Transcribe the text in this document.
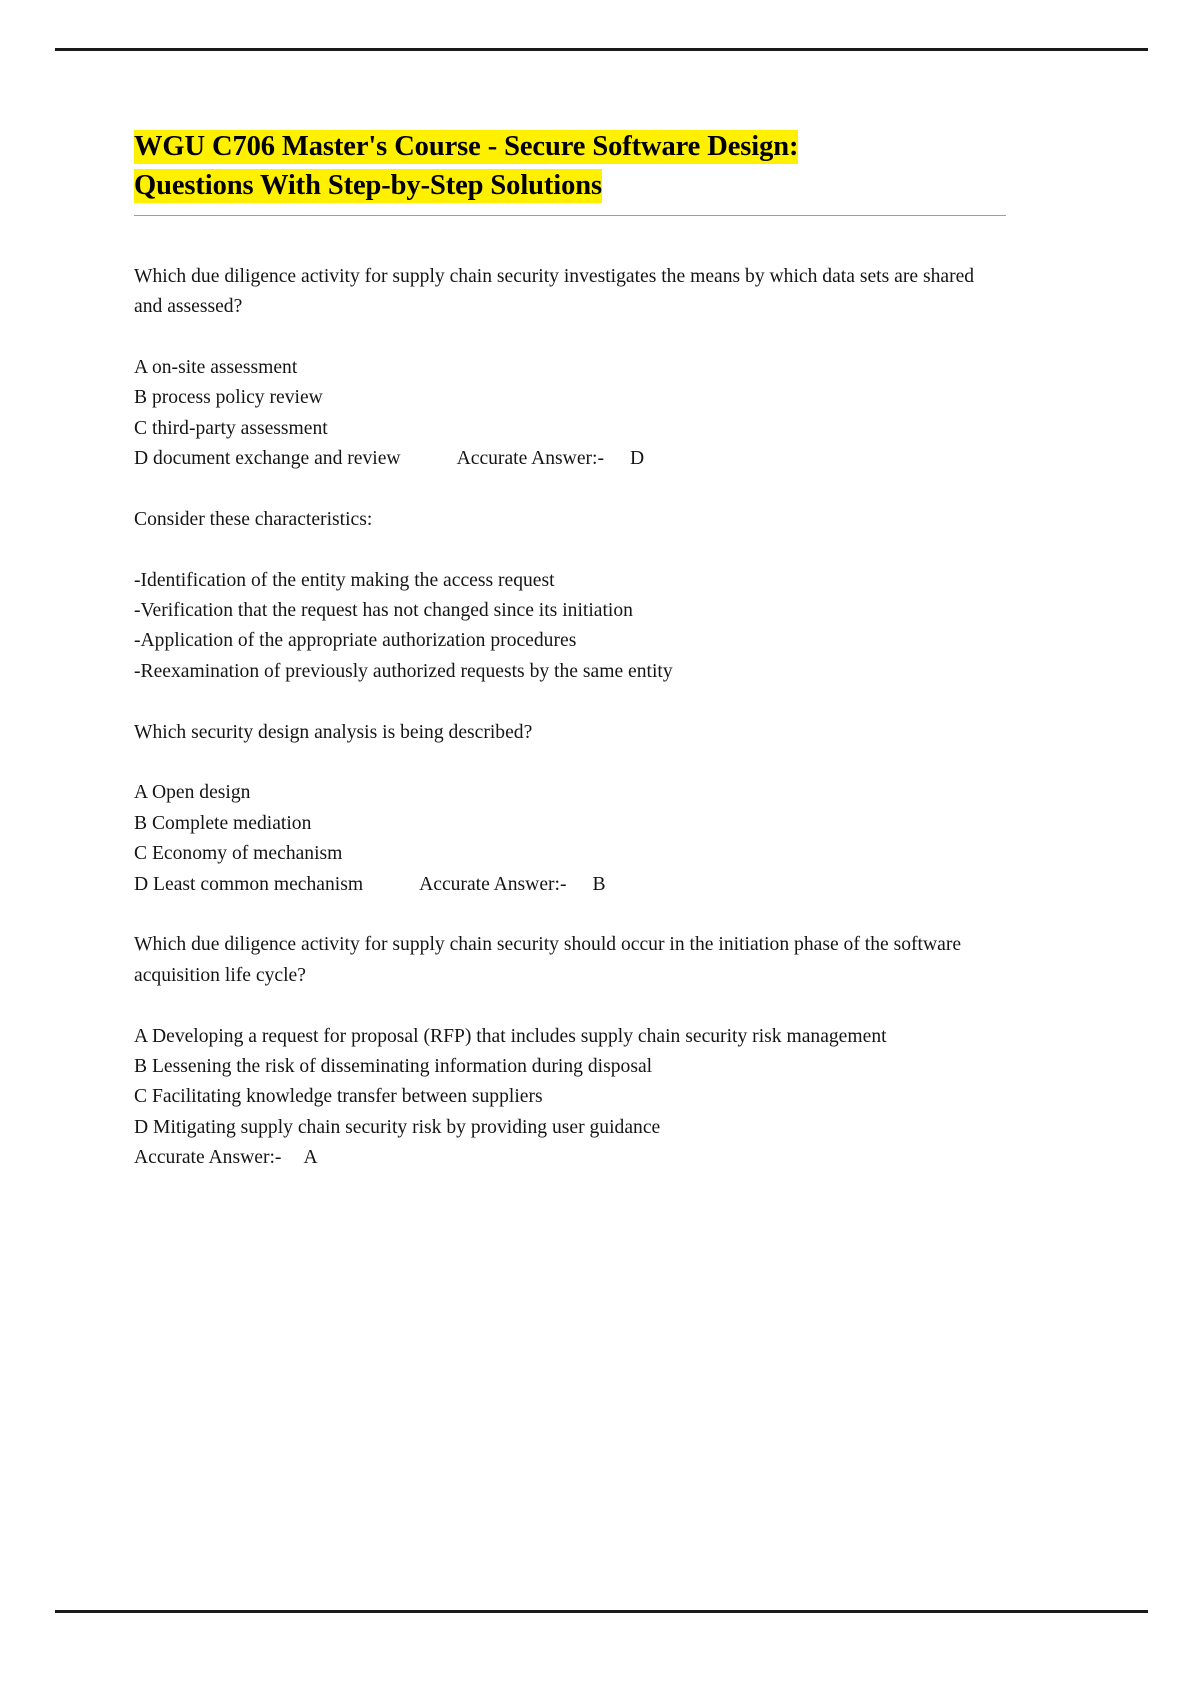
WGU C706 Master's Course - Secure Software Design:
Questions With Step-by-Step Solutions

Which due diligence activity for supply chain security investigates the means by which data sets are shared and assessed?

A on-site assessment

B process policy review

C third-party assessment

D document exchange and review	Accurate Answer:- D

Consider these characteristics:

-Identification of the entity making the access request

-Verification that the request has not changed since its initiation

-Application of the appropriate authorization procedures

-Reexamination of previously authorized requests by the same entity

Which security design analysis is being described?

A Open design

B Complete mediation

C Economy of mechanism

D Least common mechanism	Accurate Answer:- B

Which due diligence activity for supply chain security should occur in the initiation phase of the software acquisition life cycle?

A Developing a request for proposal (RFP) that includes supply chain security risk management

B Lessening the risk of disseminating information during disposal

C Facilitating knowledge transfer between suppliers

D Mitigating supply chain security risk by providing user guidance

Accurate Answer:- A
